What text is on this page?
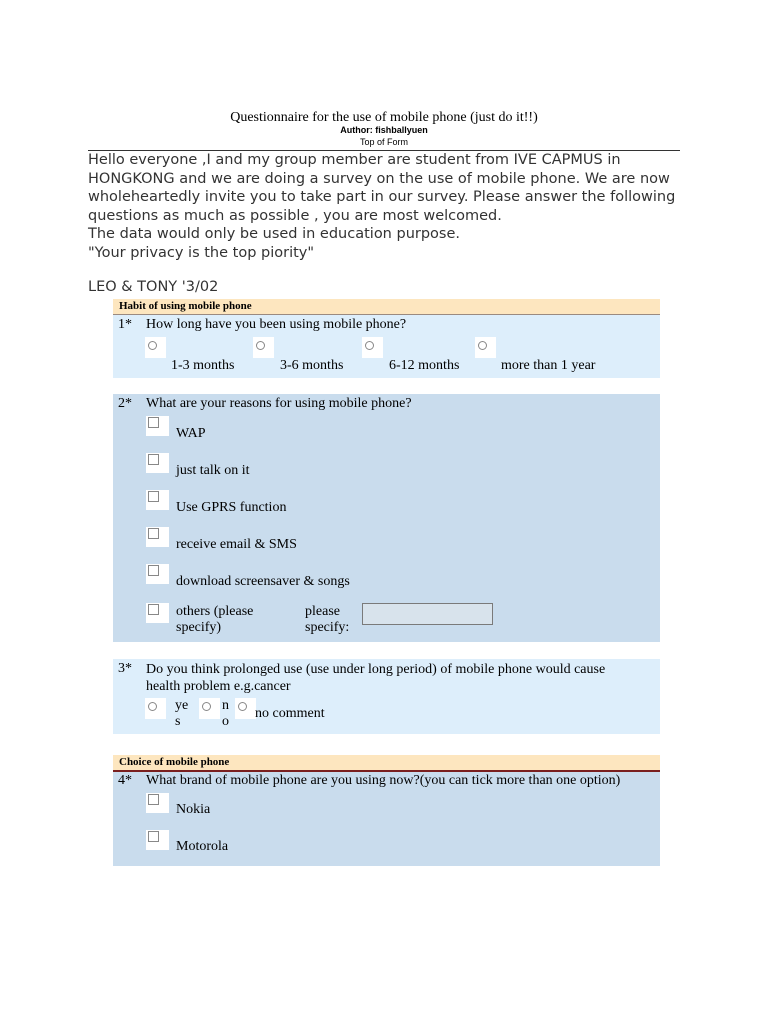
Questionnaire for the use of mobile phone (just do it!!)
Author: fishballyuen
Top of Form

Hello everyone ,I and my group member are student from IVE CAPMUS in HONGKONG and we are doing a survey on the use of mobile phone. We are now wholeheartedly invite you to take part in our survey. Please answer the following questions as much as possible , you are most welcomed.

The data would only be used in education purpose.

"Your privacy is the top piority"

LEO & TONY '3/02
Habit of using mobile phone
1* How long have you been using mobile phone?
1-3 months	3-6 months	6-12 months	more than 1 year
2* What are your reasons for using mobile phone?
WAP
just talk on it
Use GPRS function
receive email & SMS
download screensaver & songs
others (please
specify)
please
specify:
3* Do you think prolonged use (use under long period) of mobile phone would cause
health problem e.g.cancer
ye
s
n
o
no comment
Choice of mobile phone
4* What brand of mobile phone are you using now?(you can tick more than one option)
Nokia
Motorola
